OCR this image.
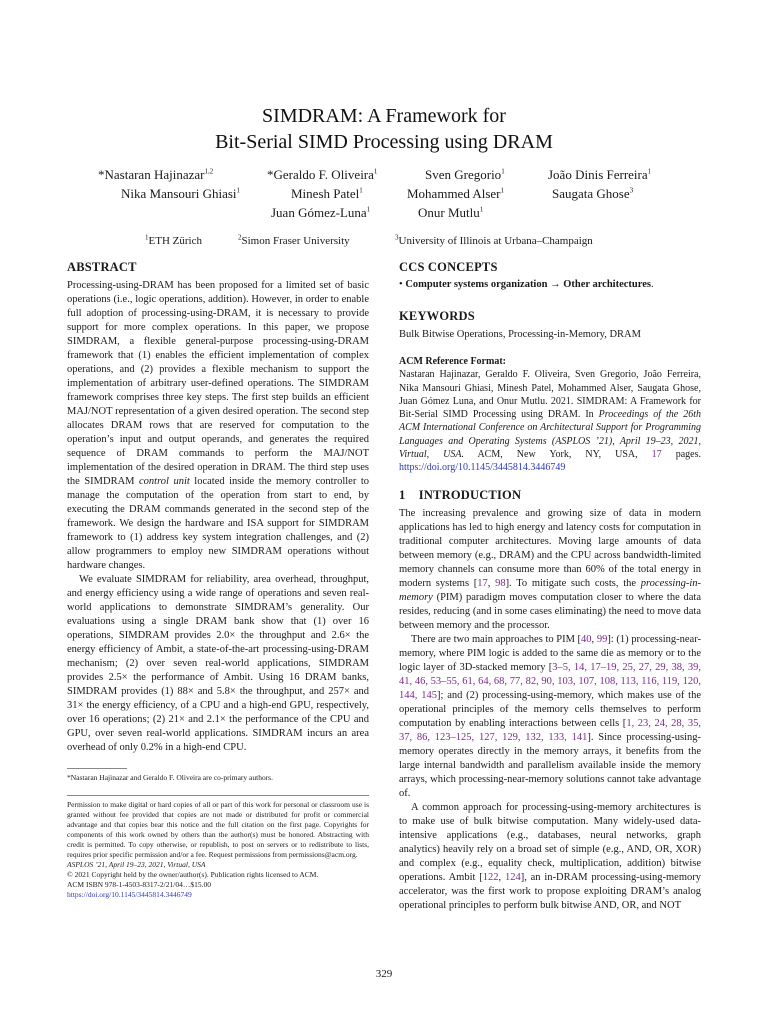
SIMDRAM: A Framework for
Bit-Serial SIMD Processing using DRAM
*Nastaran Hajinazar$^{1,2}$	*Geraldo F. Oliveira$^1$	Sven Gregorio$^1$	João Dinis Ferreira$^1$
Nika Mansouri Ghiasi$^1$	Minesh Patel$^1$	Mohammed Alser$^1$	Saugata Ghose$^3$
Juan Gómez-Luna$^1$	Onur Mutlu$^1$
$^1$ETH Zürich	$^2$Simon Fraser University	$^3$University of Illinois at Urbana–Champaign
ABSTRACT

Processing-using-DRAM has been proposed for a limited set of basic operations (i.e., logic operations, addition). However, in order to enable full adoption of processing-using-DRAM, it is necessary to provide support for more complex operations. In this paper, we propose SIMDRAM, a flexible general-purpose processing-using-DRAM framework that (1) enables the efficient implementation of complex operations, and (2) provides a flexible mechanism to support the implementation of arbitrary user-defined operations. The SIMDRAM framework comprises three key steps. The first step builds an efficient MAJ/NOT representation of a given desired operation. The second step allocates DRAM rows that are reserved for computation to the operation’s input and output operands, and generates the required sequence of DRAM commands to perform the MAJ/NOT implementation of the desired operation in DRAM. The third step uses the SIMDRAM control unit located inside the memory controller to manage the computation of the operation from start to end, by executing the DRAM commands generated in the second step of the framework. We design the hardware and ISA support for SIMDRAM framework to (1) address key system integration challenges, and (2) allow programmers to employ new SIMDRAM operations without hardware changes.

We evaluate SIMDRAM for reliability, area overhead, throughput, and energy efficiency using a wide range of operations and seven real-world applications to demonstrate SIMDRAM’s generality. Our evaluations using a single DRAM bank show that (1) over 16 operations, SIMDRAM provides 2.0× the throughput and 2.6× the energy efficiency of Ambit, a state-of-the-art processing-using-DRAM mechanism; (2) over seven real-world applications, SIMDRAM provides 2.5× the performance of Ambit. Using 16 DRAM banks, SIMDRAM provides (1) 88× and 5.8× the throughput, and 257× and 31× the energy efficiency, of a CPU and a high-end GPU, respectively, over 16 operations; (2) 21× and 2.1× the performance of the CPU and GPU, over seven real-world applications. SIMDRAM incurs an area overhead of only 0.2% in a high-end CPU.

*Nastaran Hajinazar and Geraldo F. Oliveira are co-primary authors.
Permission to make digital or hard copies of all or part of this work for personal or classroom use is granted without fee provided that copies are not made or distributed for profit or commercial advantage and that copies bear this notice and the full citation on the first page. Copyrights for components of this work owned by others than the author(s) must be honored. Abstracting with credit is permitted. To copy otherwise, or republish, to post on servers or to redistribute to lists, requires prior specific permission and/or a fee. Request permissions from permissions@acm.org.
ASPLOS ’21, April 19–23, 2021, Virtual, USA
© 2021 Copyright held by the owner/author(s). Publication rights licensed to ACM.
ACM ISBN 978-1-4503-8317-2/21/04…$15.00
https://doi.org/10.1145/3445814.3446749
CCS CONCEPTS
• Computer systems organization → Other architectures.
KEYWORDS
Bulk Bitwise Operations, Processing-in-Memory, DRAM
ACM Reference Format:
Nastaran Hajinazar, Geraldo F. Oliveira, Sven Gregorio, João Ferreira, Nika Mansouri Ghiasi, Minesh Patel, Mohammed Alser, Saugata Ghose, Juan Gómez Luna, and Onur Mutlu. 2021. SIMDRAM: A Framework for Bit-Serial SIMD Processing using DRAM. In Proceedings of the 26th ACM International Conference on Architectural Support for Programming Languages and Operating Systems (ASPLOS ’21), April 19–23, 2021, Virtual, USA. ACM, New York, NY, USA, 17 pages. https://doi.org/10.1145/3445814.3446749
1 INTRODUCTION

The increasing prevalence and growing size of data in modern applications has led to high energy and latency costs for computation in traditional computer architectures. Moving large amounts of data between memory (e.g., DRAM) and the CPU across bandwidth-limited memory channels can consume more than 60% of the total energy in modern systems [17, 98]. To mitigate such costs, the processing-in-memory (PIM) paradigm moves computation closer to where the data resides, reducing (and in some cases eliminating) the need to move data between memory and the processor.

There are two main approaches to PIM [40, 99]: (1) processing-near-memory, where PIM logic is added to the same die as memory or to the logic layer of 3D-stacked memory [3–5, 14, 17–19, 25, 27, 29, 38, 39, 41, 46, 53–55, 61, 64, 68, 77, 82, 90, 103, 107, 108, 113, 116, 119, 120, 144, 145]; and (2) processing-using-memory, which makes use of the operational principles of the memory cells themselves to perform computation by enabling interactions between cells [1, 23, 24, 28, 35, 37, 86, 123–125, 127, 129, 132, 133, 141]. Since processing-using-memory operates directly in the memory arrays, it benefits from the large internal bandwidth and parallelism available inside the memory arrays, which processing-near-memory solutions cannot take advantage of.

A common approach for processing-using-memory architectures is to make use of bulk bitwise computation. Many widely-used data-intensive applications (e.g., databases, neural networks, graph analytics) heavily rely on a broad set of simple (e.g., AND, OR, XOR) and complex (e.g., equality check, multiplication, addition) bitwise operations. Ambit [122, 124], an in-DRAM processing-using-memory accelerator, was the first work to propose exploiting DRAM’s analog operational principles to perform bulk bitwise AND, OR, and NOT

329
